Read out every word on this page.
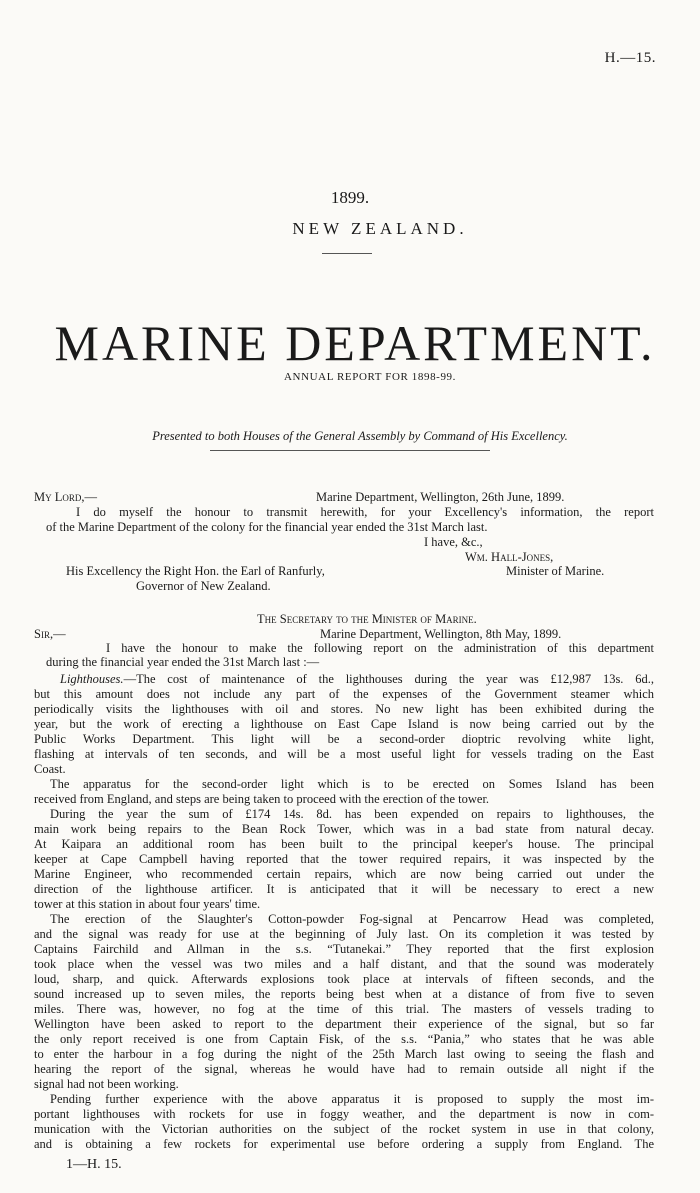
H.—15.
1899.
NEW ZEALAND.
MARINE DEPARTMENT.
ANNUAL REPORT FOR 1898-99.
Presented to both Houses of the General Assembly by Command of His Excellency.
My Lord,—	Marine Department, Wellington, 26th June, 1899.
I do myself the honour to transmit herewith, for your Excellency's information, the report
of the Marine Department of the colony for the financial year ended the 31st March last.
I have, &c.,
Wm. Hall-Jones,
His Excellency the Right Hon. the Earl of Ranfurly,	Minister of Marine.
Governor of New Zealand.
The Secretary to the Minister of Marine.
Sir,—	Marine Department, Wellington, 8th May, 1899.
I have the honour to make the following report on the administration of this department
during the financial year ended the 31st March last :—
Lighthouses.—The cost of maintenance of the lighthouses during the year was £12,987 13s. 6d.,
but this amount does not include any part of the expenses of the Government steamer which
periodically visits the lighthouses with oil and stores. No new light has been exhibited during the
year, but the work of erecting a lighthouse on East Cape Island is now being carried out by the
Public Works Department. This light will be a second-order dioptric revolving white light,
flashing at intervals of ten seconds, and will be a most useful light for vessels trading on the East
Coast.
The apparatus for the second-order light which is to be erected on Somes Island has been
received from England, and steps are being taken to proceed with the erection of the tower.
During the year the sum of £174 14s. 8d. has been expended on repairs to lighthouses, the
main work being repairs to the Bean Rock Tower, which was in a bad state from natural decay.
At Kaipara an additional room has been built to the principal keeper's house. The principal
keeper at Cape Campbell having reported that the tower required repairs, it was inspected by the
Marine Engineer, who recommended certain repairs, which are now being carried out under the
direction of the lighthouse artificer. It is anticipated that it will be necessary to erect a new
tower at this station in about four years' time.
The erection of the Slaughter's Cotton-powder Fog-signal at Pencarrow Head was completed,
and the signal was ready for use at the beginning of July last. On its completion it was tested by
Captains Fairchild and Allman in the s.s. “Tutanekai.” They reported that the first explosion
took place when the vessel was two miles and a half distant, and that the sound was moderately
loud, sharp, and quick. Afterwards explosions took place at intervals of fifteen seconds, and the
sound increased up to seven miles, the reports being best when at a distance of from five to seven
miles. There was, however, no fog at the time of this trial. The masters of vessels trading to
Wellington have been asked to report to the department their experience of the signal, but so far
the only report received is one from Captain Fisk, of the s.s. “Pania,” who states that he was able
to enter the harbour in a fog during the night of the 25th March last owing to seeing the flash and
hearing the report of the signal, whereas he would have had to remain outside all night if the
signal had not been working.
Pending further experience with the above apparatus it is proposed to supply the most im-
portant lighthouses with rockets for use in foggy weather, and the department is now in com-
munication with the Victorian authorities on the subject of the rocket system in use in that colony,
and is obtaining a few rockets for experimental use before ordering a supply from England. The
1—H. 15.
